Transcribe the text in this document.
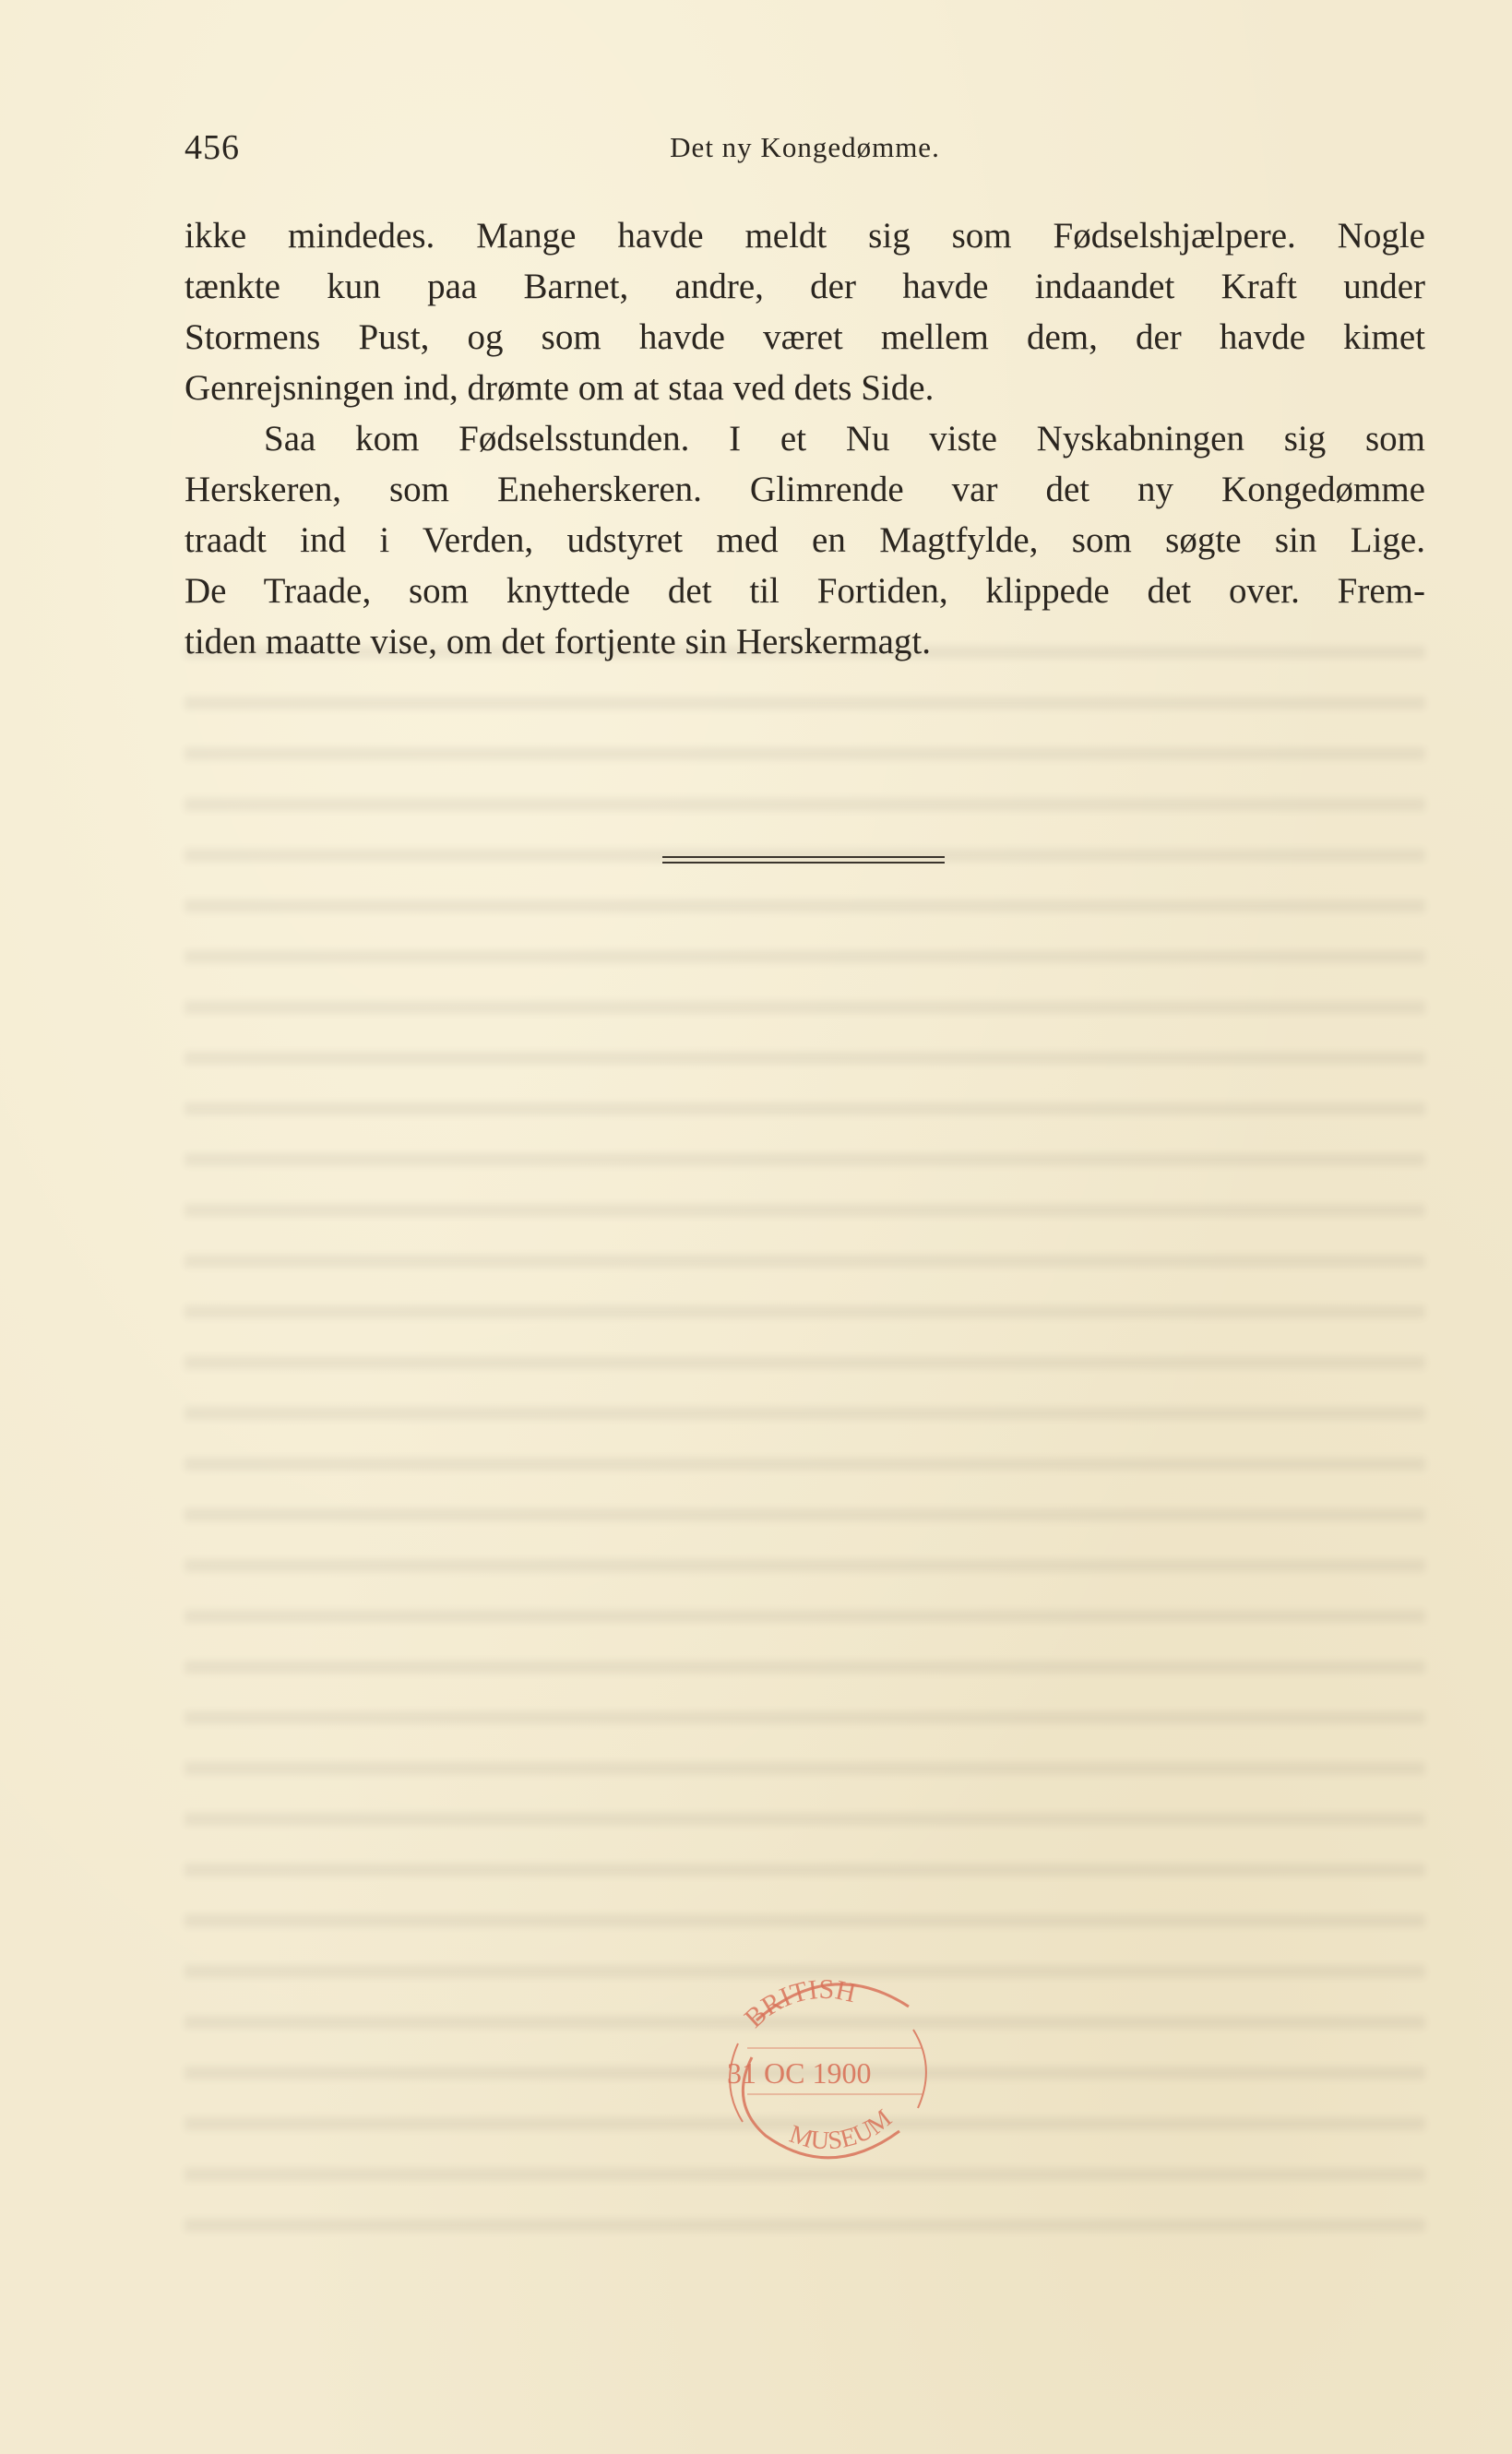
456	Det ny Kongedømme.
ikke mindedes. Mange havde meldt sig som Fødselshjælpere. Nogle
tænkte kun paa Barnet, andre, der havde indaandet Kraft under
Stormens Pust, og som havde været mellem dem, der havde kimet
Genrejsningen ind, drømte om at staa ved dets Side.
Saa kom Fødselsstunden. I et Nu viste Nyskabningen sig som
Herskeren, som Eneherskeren. Glimrende var det ny Kongedømme
traadt ind i Verden, udstyret med en Magtfylde, som søgte sin Lige.
De Traade, som knyttede det til Fortiden, klippede det over. Frem-
tiden maatte vise, om det fortjente sin Herskermagt.
BRITISH
31 OC 1900
MUSEUM
